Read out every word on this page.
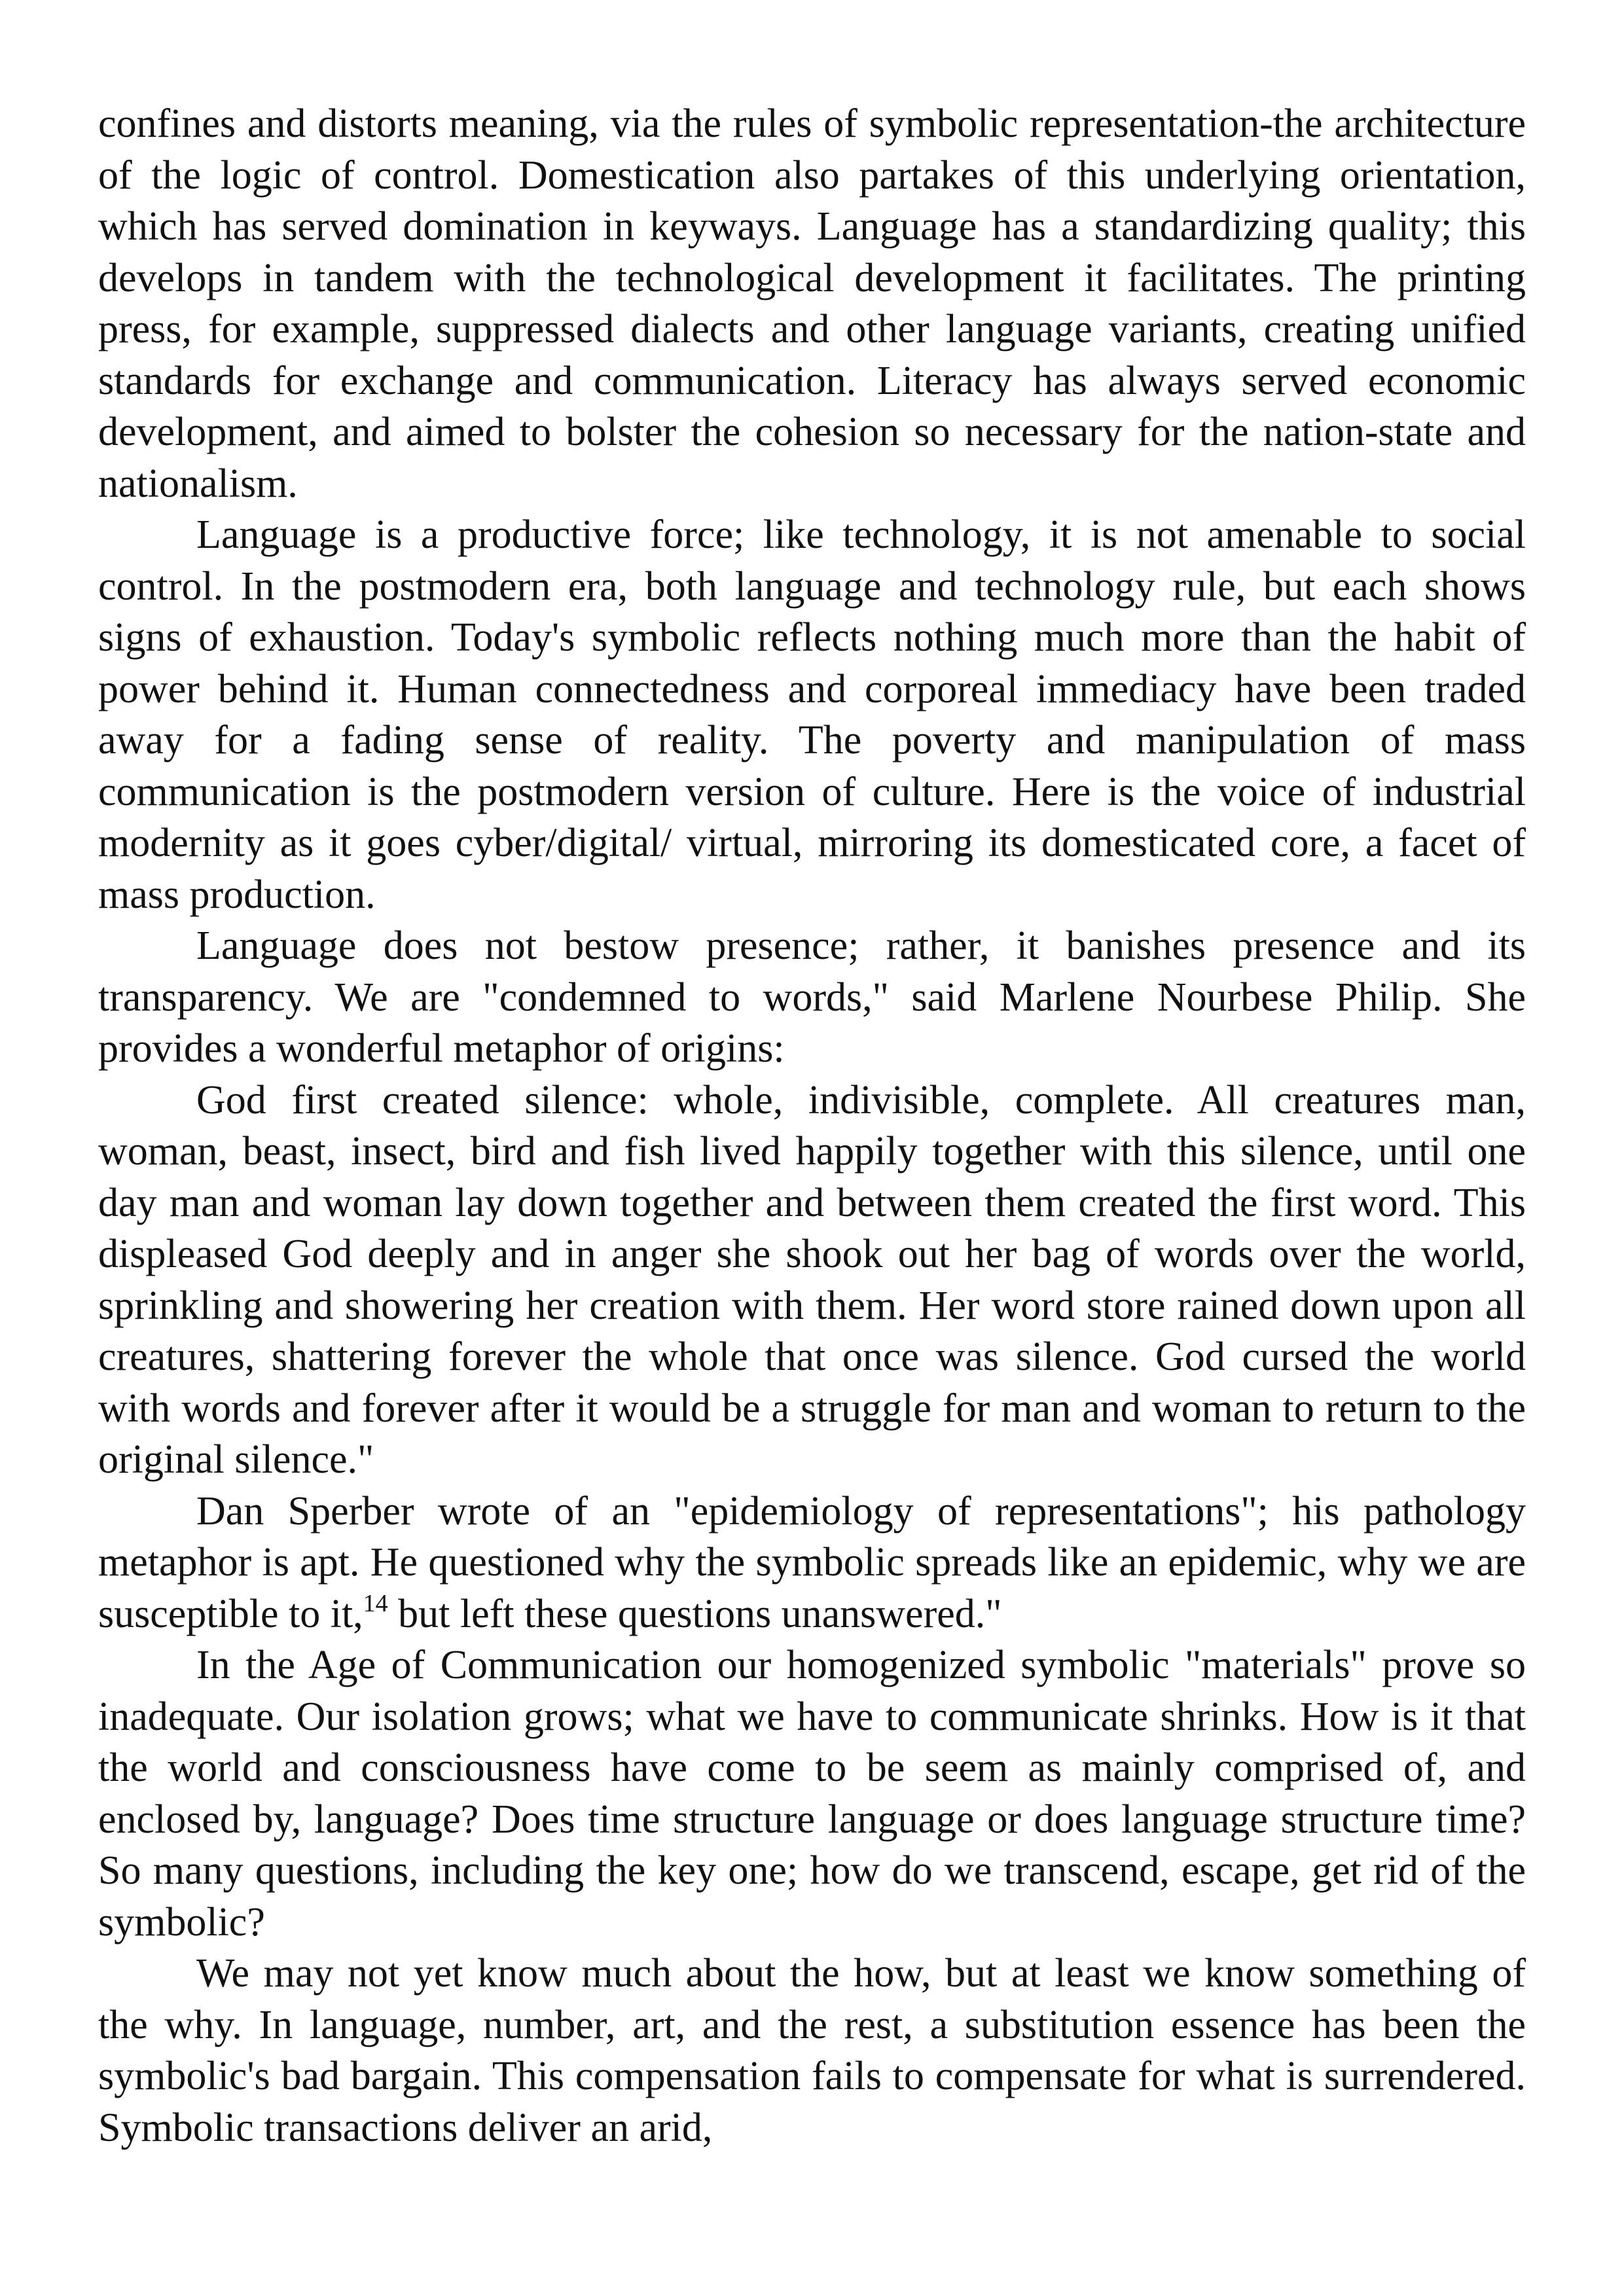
confines and distorts meaning, via the rules of symbolic representation-the architecture of the logic of control. Domestication also partakes of this underlying orientation, which has served domination in keyways. Language has a standardizing quality; this develops in tandem with the technological development it facilitates. The printing press, for example, suppressed dialects and other language variants, creating unified standards for exchange and communication. Literacy has always served economic development, and aimed to bolster the cohesion so necessary for the nation-state and nationalism.

Language is a productive force; like technology, it is not amenable to social control. In the postmodern era, both language and technology rule, but each shows signs of exhaustion. Today's symbolic reflects nothing much more than the habit of power behind it. Human connectedness and corporeal immediacy have been traded away for a fading sense of reality. The poverty and manipulation of mass communication is the postmodern version of culture. Here is the voice of industrial modernity as it goes cyber/digital/ virtual, mirroring its domesticated core, a facet of mass production.

Language does not bestow presence; rather, it banishes presence and its transparency. We are "condemned to words," said Marlene Nourbese Philip. She provides a wonderful metaphor of origins:

God first created silence: whole, indivisible, complete. All creatures man, woman, beast, insect, bird and fish lived happily together with this silence, until one day man and woman lay down together and between them created the first word. This displeased God deeply and in anger she shook out her bag of words over the world, sprinkling and showering her creation with them. Her word store rained down upon all creatures, shattering forever the whole that once was silence. God cursed the world with words and forever after it would be a struggle for man and woman to return to the original silence."

Dan Sperber wrote of an "epidemiology of representations"; his pathology metaphor is apt. He questioned why the symbolic spreads like an epidemic, why we are susceptible to it,$^{14}$ but left these questions unanswered."

In the Age of Communication our homogenized symbolic "materials" prove so inadequate. Our isolation grows; what we have to communicate shrinks. How is it that the world and consciousness have come to be seem as mainly comprised of, and enclosed by, language? Does time structure language or does language structure time? So many questions, including the key one; how do we transcend, escape, get rid of the symbolic?

We may not yet know much about the how, but at least we know something of the why. In language, number, art, and the rest, a substitution essence has been the symbolic's bad bargain. This compensation fails to compensate for what is surrendered. Symbolic transactions deliver an arid,
